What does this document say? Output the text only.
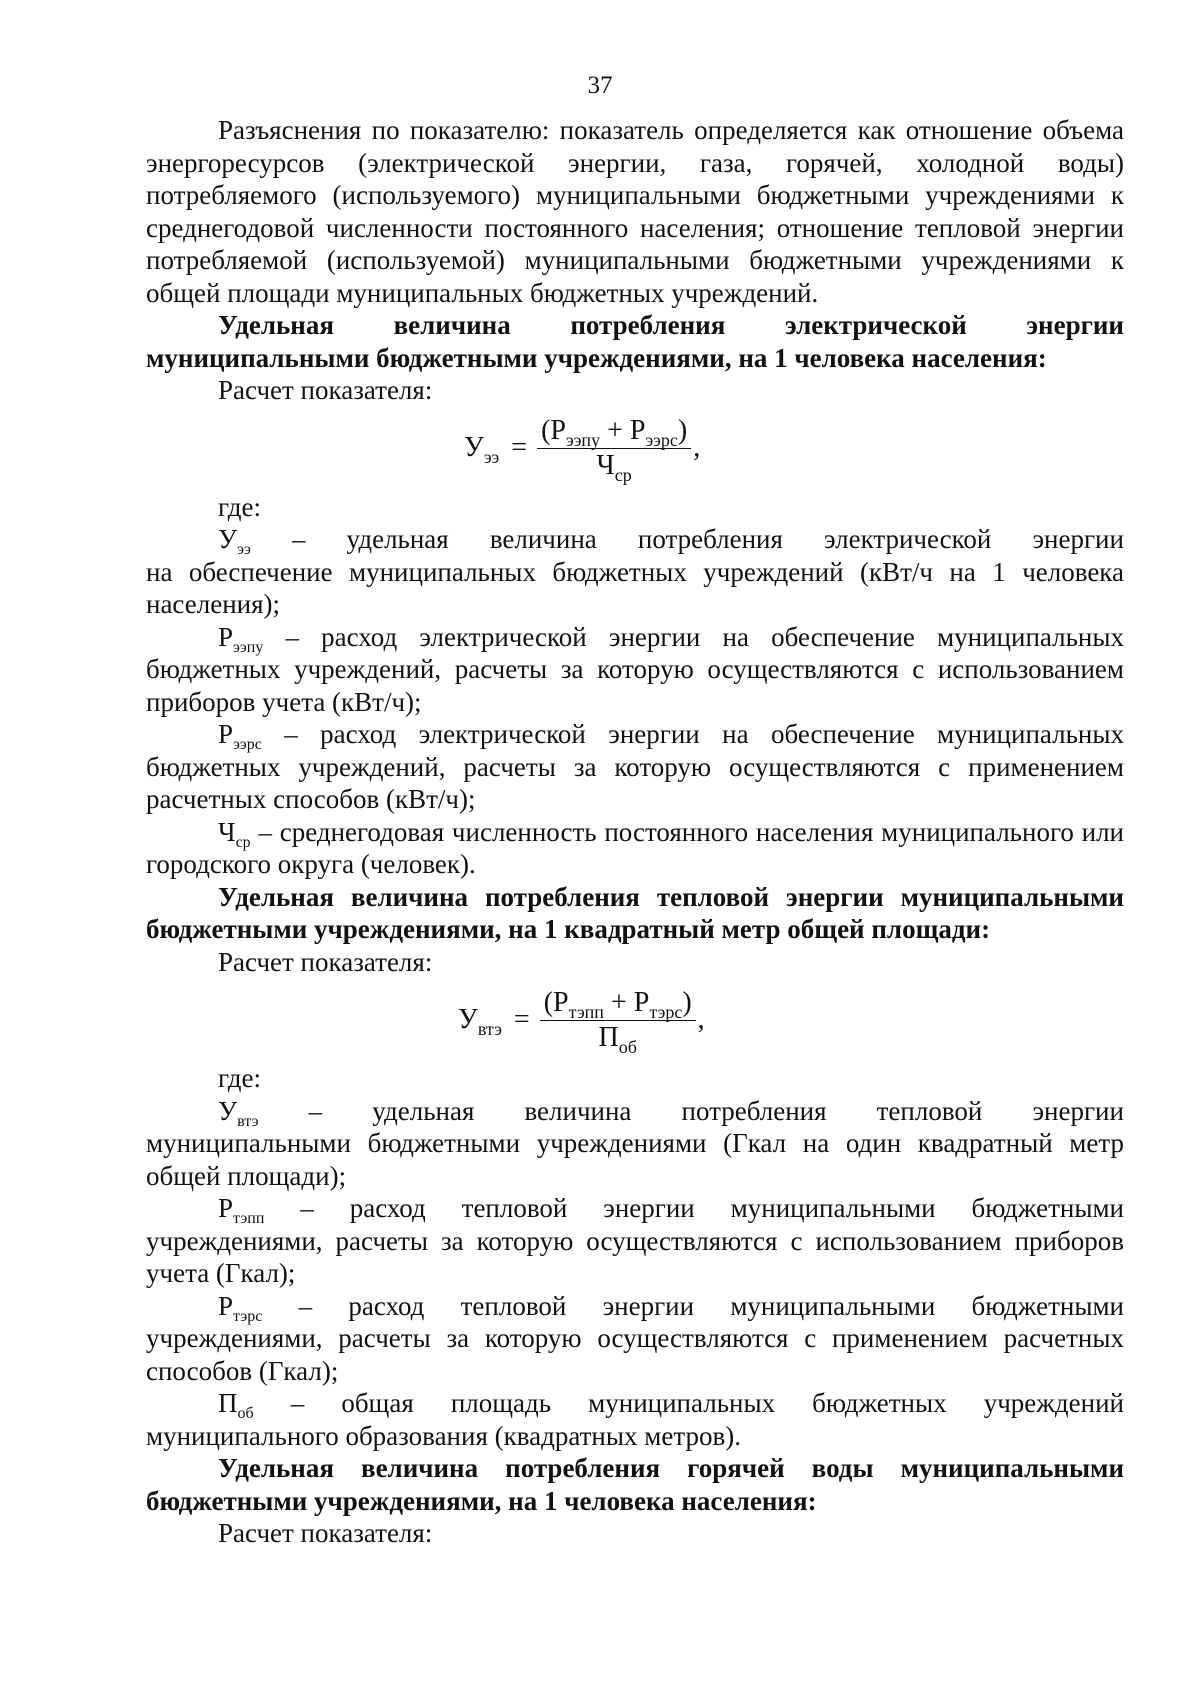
37

Разъяснения по показателю: показатель определяется как отношение объема энергоресурсов (электрической энергии, газа, горячей, холодной воды) потребляемого (используемого) муниципальными бюджетными учреждениями к среднегодовой численности постоянного населения; отношение тепловой энергии потребляемой (используемой) муниципальными бюджетными учреждениями к общей площади муниципальных бюджетных учреждений.

Удельная величина потребления электрической энергии муниципальными бюджетными учреждениями, на 1 человека населения:

Расчет показателя:

$У_{ээ} = \frac{(Р_{ээпу} + Р_{ээрс})}{Ч_{ср}}$ ,

где:

$У_{ээ}$ – удельная величина потребления электрической энергии

на обеспечение муниципальных бюджетных учреждений (кВт/ч на 1 человека населения);

$Р_{ээпу}$ – расход электрической энергии на обеспечение муниципальных бюджетных учреждений, расчеты за которую осуществляются с использованием приборов учета (кВт/ч);

$Р_{ээрс}$ – расход электрической энергии на обеспечение муниципальных бюджетных учреждений, расчеты за которую осуществляются с применением расчетных способов (кВт/ч);

$Ч_{ср}$ – среднегодовая численность постоянного населения муниципального или городского округа (человек).

Удельная величина потребления тепловой энергии муниципальными бюджетными учреждениями, на 1 квадратный метр общей площади:

Расчет показателя:

$У_{втэ} = \frac{(Р_{тэпп} + Р_{тэрс})}{П_{об}}$ ,

где:

$У_{втэ}$ – удельная величина потребления тепловой энергии

муниципальными бюджетными учреждениями (Гкал на один квадратный метр общей площади);

$Р_{тэпп}$ – расход тепловой энергии муниципальными бюджетными учреждениями, расчеты за которую осуществляются с использованием приборов учета (Гкал);

$Р_{тэрс}$ – расход тепловой энергии муниципальными бюджетными учреждениями, расчеты за которую осуществляются с применением расчетных способов (Гкал);

$П_{об}$ – общая площадь муниципальных бюджетных учреждений муниципального образования (квадратных метров).

Удельная величина потребления горячей воды муниципальными бюджетными учреждениями, на 1 человека населения:

Расчет показателя:
